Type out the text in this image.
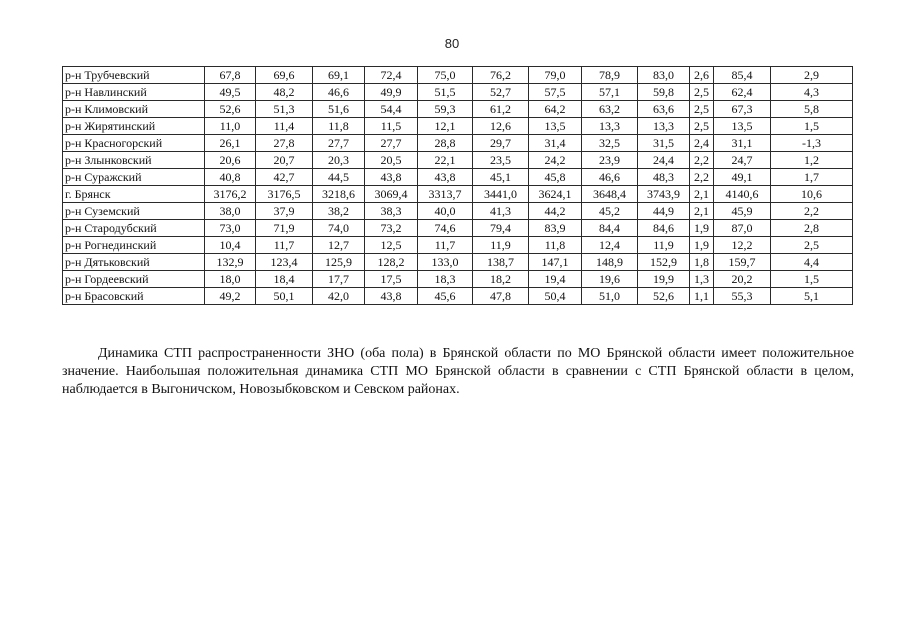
80
р-н Трубчевский	67,8	69,6	69,1	72,4	75,0	76,2	79,0	78,9	83,0	2,6	85,4	2,9
р-н Навлинский	49,5	48,2	46,6	49,9	51,5	52,7	57,5	57,1	59,8	2,5	62,4	4,3
р-н Климовский	52,6	51,3	51,6	54,4	59,3	61,2	64,2	63,2	63,6	2,5	67,3	5,8
р-н Жирятинский	11,0	11,4	11,8	11,5	12,1	12,6	13,5	13,3	13,3	2,5	13,5	1,5
р-н Красногорский	26,1	27,8	27,7	27,7	28,8	29,7	31,4	32,5	31,5	2,4	31,1	-1,3
р-н Злынковский	20,6	20,7	20,3	20,5	22,1	23,5	24,2	23,9	24,4	2,2	24,7	1,2
р-н Суражский	40,8	42,7	44,5	43,8	43,8	45,1	45,8	46,6	48,3	2,2	49,1	1,7
г. Брянск	3176,2	3176,5	3218,6	3069,4	3313,7	3441,0	3624,1	3648,4	3743,9	2,1	4140,6	10,6
р-н Суземский	38,0	37,9	38,2	38,3	40,0	41,3	44,2	45,2	44,9	2,1	45,9	2,2
р-н Стародубский	73,0	71,9	74,0	73,2	74,6	79,4	83,9	84,4	84,6	1,9	87,0	2,8
р-н Рогнединский	10,4	11,7	12,7	12,5	11,7	11,9	11,8	12,4	11,9	1,9	12,2	2,5
р-н Дятьковский	132,9	123,4	125,9	128,2	133,0	138,7	147,1	148,9	152,9	1,8	159,7	4,4
р-н Гордеевский	18,0	18,4	17,7	17,5	18,3	18,2	19,4	19,6	19,9	1,3	20,2	1,5
р-н Брасовский	49,2	50,1	42,0	43,8	45,6	47,8	50,4	51,0	52,6	1,1	55,3	5,1

Динамика СТП распространенности ЗНО (оба пола) в Брянской области по МО Брянской области имеет положительное значение. Наибольшая положительная динамика СТП МО Брянской области в сравнении с СТП Брянской области в целом, наблюдается в Выгоничском, Новозыбковском и Севском районах.
